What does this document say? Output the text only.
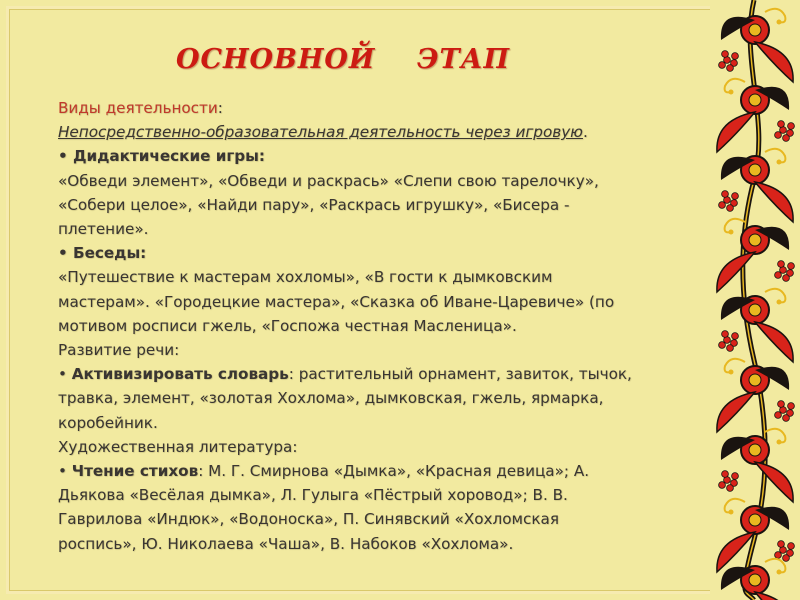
ОСНОВНОЙ    ЭТАП
Виды деятельности:
Непосредственно-образовательная деятельность через игровую.
• Дидактические игры:
«Обведи элемент», «Обведи и раскрась» «Слепи свою тарелочку»,
«Собери целое», «Найди пару», «Раскрась игрушку», «Бисера -
плетение».
• Беседы:
«Путешествие к мастерам хохломы», «В гости к дымковским
мастерам». «Городецкие мастера», «Сказка об Иване-Царевиче» (по
мотивом росписи гжель, «Госпожа честная Масленица».
Развитие речи:
• Активизировать словарь: растительный орнамент, завиток, тычок,
травка, элемент, «золотая Хохлома», дымковская, гжель, ярмарка,
коробейник.
Художественная литература:
• Чтение стихов: М. Г. Смирнова «Дымка», «Красная девица»; А.
Дьякова «Весёлая дымка», Л. Гулыга «Пёстрый хоровод»; В. В.
Гаврилова «Индюк», «Водоноска», П. Синявский «Хохломская
роспись», Ю. Николаева «Чаша», В. Набоков «Хохлома».
